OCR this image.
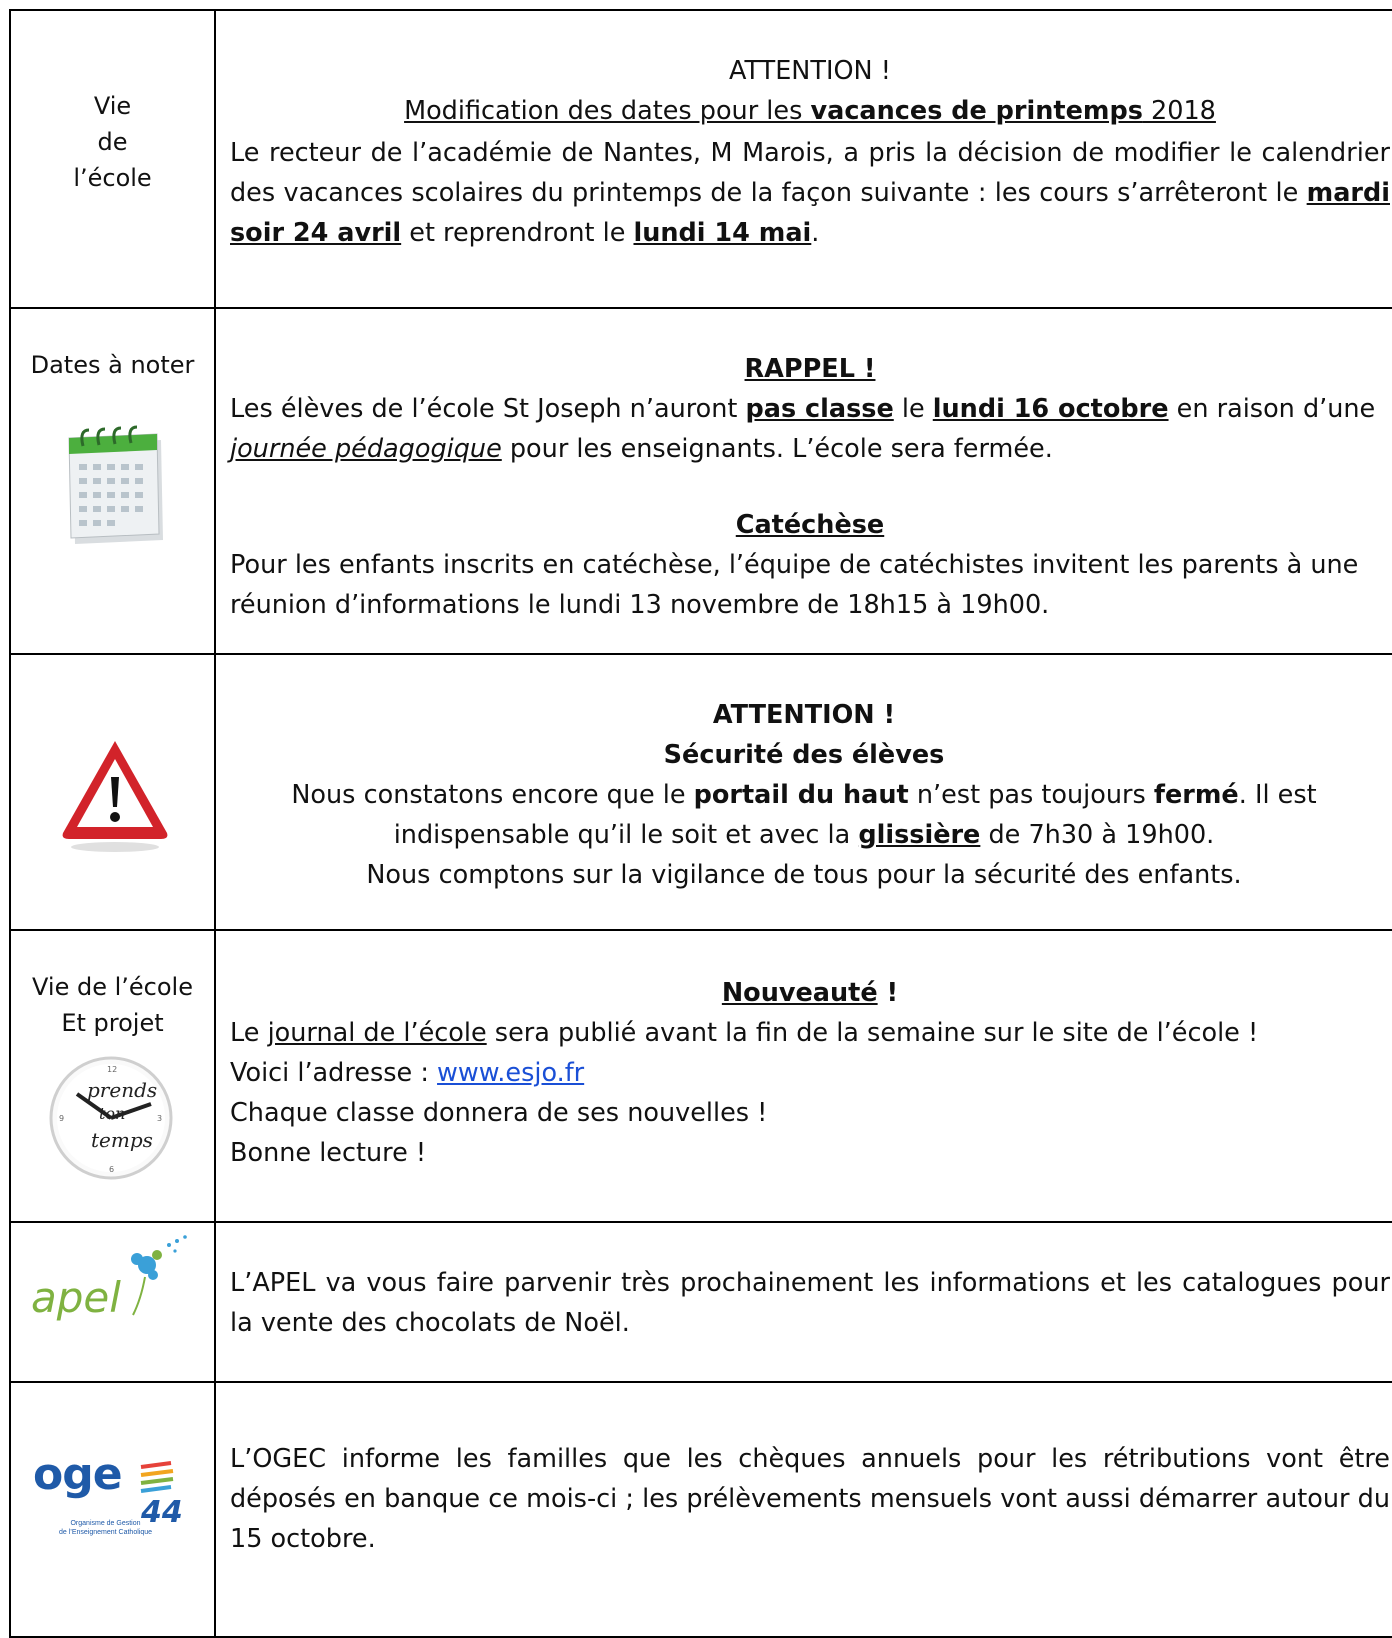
Vie
de
l’école

ATTENTION !

Modification des dates pour les vacances de printemps 2018

Le recteur de l’académie de Nantes, M Marois, a pris la décision de modifier le calendrier des vacances scolaires du printemps de la façon suivante : les cours s’arrêteront le mardi soir 24 avril et reprendront le lundi 14 mai.

Dates à noter	RAPPEL !

Les élèves de l’école St Joseph n’auront pas classe le lundi 16 octobre en raison d’une journée pédagogique pour les enseignants. L’école sera fermée.

Catéchèse

Pour les enfants inscrits en catéchèse, l’équipe de catéchistes invitent les parents à une réunion d’informations le lundi 13 novembre de 18h15 à 19h00.

ATTENTION !

Sécurité des élèves

Nous constatons encore que le portail du haut n’est pas toujours fermé. Il est

indispensable qu’il le soit et avec la glissière de 7h30 à 19h00.

Nous comptons sur la vigilance de tous pour la sécurité des enfants.

Vie de l’école
Et projet
12
3
6
9
prends
ton
temps

Nouveauté !

Le journal de l’école sera publié avant la fin de la semaine sur le site de l’école !

Voici l’adresse : www.esjo.fr

Chaque classe donnera de ses nouvelles !

Bonne lecture !

apel	L’APEL va vous faire parvenir très prochainement les informations et les catalogues pour la vente des chocolats de Noël.
oge
44
Organisme de Gestion
de l’Enseignement Catholique
L’OGEC informe les familles que les chèques annuels pour les rétributions vont être déposés en banque ce mois-ci ; les prélèvements mensuels vont aussi démarrer autour du 15 octobre.
